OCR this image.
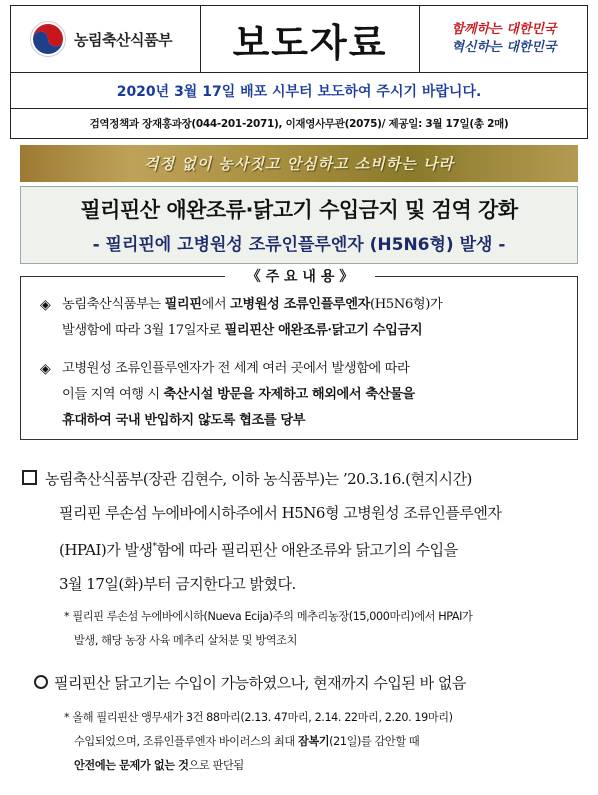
농림축산식품부 보도자료	함께하는 대한민국
혁신하는 대한민국
2020년 3월 17일 배포 시부터 보도하여 주시기 바랍니다.
검역정책과 장재홍과장(044-201-2071), 이재영사무관(2075)/ 제공일: 3월 17일(총 2매)
걱정 없이 농사짓고 안심하고 소비하는 나라
필리핀산 애완조류·닭고기 수입금지 및 검역 강화
- 필리핀에 고병원성 조류인플루엔자 (H5N6형) 발생 -
《 주 요 내 용 》
◈ 농림축산식품부는 필리핀에서 고병원성 조류인플루엔자(H5N6형)가
발생함에 따라 3월 17일자로 필리핀산 애완조류·닭고기 수입금지
◈ 고병원성 조류인플루엔자가 전 세계 여러 곳에서 발생함에 따라
이들 지역 여행 시 축산시설 방문을 자제하고 해외에서 축산물을
휴대하여 국내 반입하지 않도록 협조를 당부
농림축산식품부(장관 김현수, 이하 농식품부)는 ’20.3.16.(현지시간)
필리핀 루손섬 누에바에시하주에서 H5N6형 고병원성 조류인플루엔자
(HPAI)가 발생*함에 따라 필리핀산 애완조류와 닭고기의 수입을
3월 17일(화)부터 금지한다고 밝혔다.
* 필리핀 루손섬 누에바에시하(Nueva Ecija)주의 메추리농장(15,000마리)에서 HPAI가
발생, 해당 농장 사육 메추리 살처분 및 방역조치
필리핀산 닭고기는 수입이 가능하였으나, 현재까지 수입된 바 없음
* 올해 필리핀산 앵무새가 3건 88마리(2.13. 47마리, 2.14. 22마리, 2.20. 19마리)
수입되었으며, 조류인플루엔자 바이러스의 최대 잠복기(21일)를 감안할 때
안전에는 문제가 없는 것으로 판단됨
